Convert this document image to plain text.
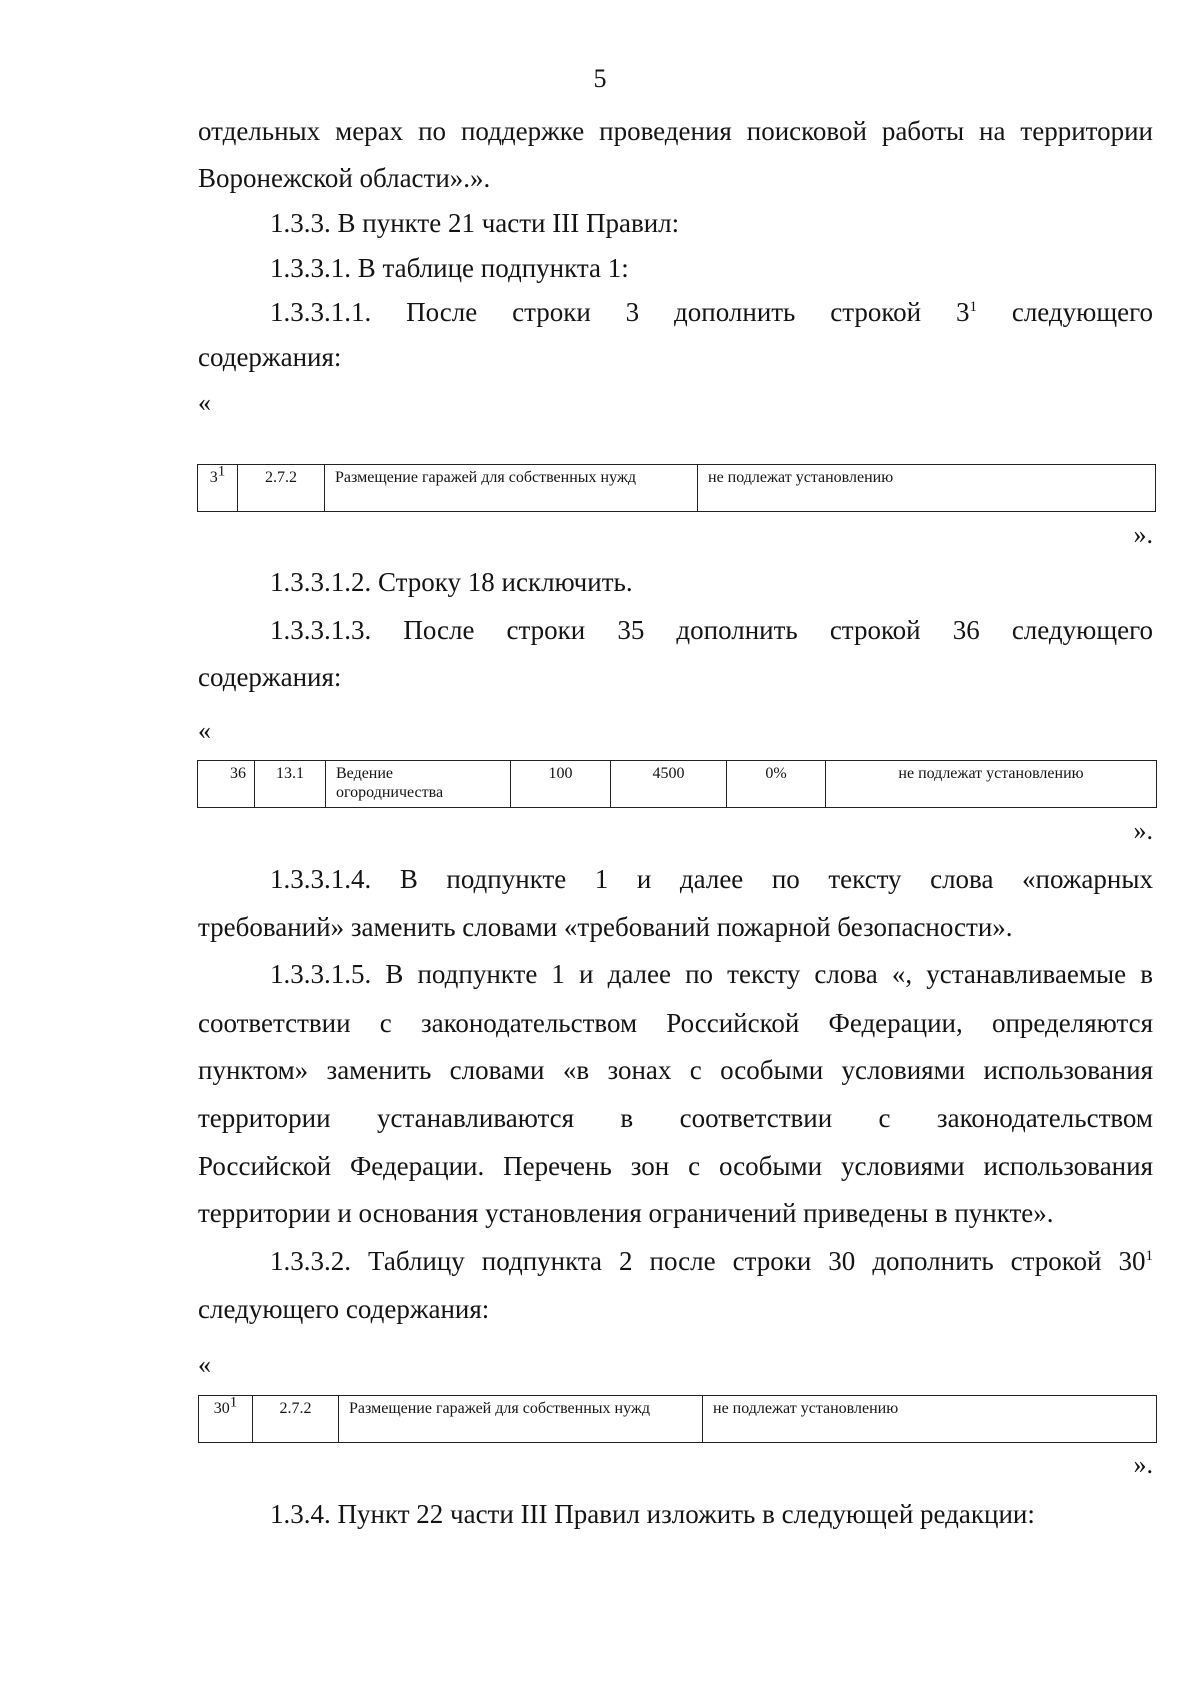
5
отдельных мерах по поддержке проведения поисковой работы на территории
Воронежской области».».
1.3.3. В пункте 21 части III Правил:
1.3.3.1. В таблице подпункта 1:
1.3.3.1.1. После строки 3 дополнить строкой $3^1$ следующего
содержания:
«
$3^1$	2.7.2	Размещение гаражей для собственных нужд	не подлежат установлению
».
1.3.3.1.2. Строку 18 исключить.
1.3.3.1.3. После строки 35 дополнить строкой 36 следующего
содержания:
«
36	13.1	Ведение огородничества	100	4500	0%	не подлежат установлению
».
1.3.3.1.4. В подпункте 1 и далее по тексту слова «пожарных
требований» заменить словами «требований пожарной безопасности».
1.3.3.1.5. В подпункте 1 и далее по тексту слова «, устанавливаемые в
соответствии с законодательством Российской Федерации, определяются
пунктом» заменить словами «в зонах с особыми условиями использования
территории устанавливаются в соответствии с законодательством
Российской Федерации. Перечень зон с особыми условиями использования
территории и основания установления ограничений приведены в пункте».
1.3.3.2. Таблицу подпункта 2 после строки 30 дополнить строкой $30^1$
следующего содержания:
«
$30^1$	2.7.2	Размещение гаражей для собственных нужд	не подлежат установлению
».
1.3.4. Пункт 22 части III Правил изложить в следующей редакции:
